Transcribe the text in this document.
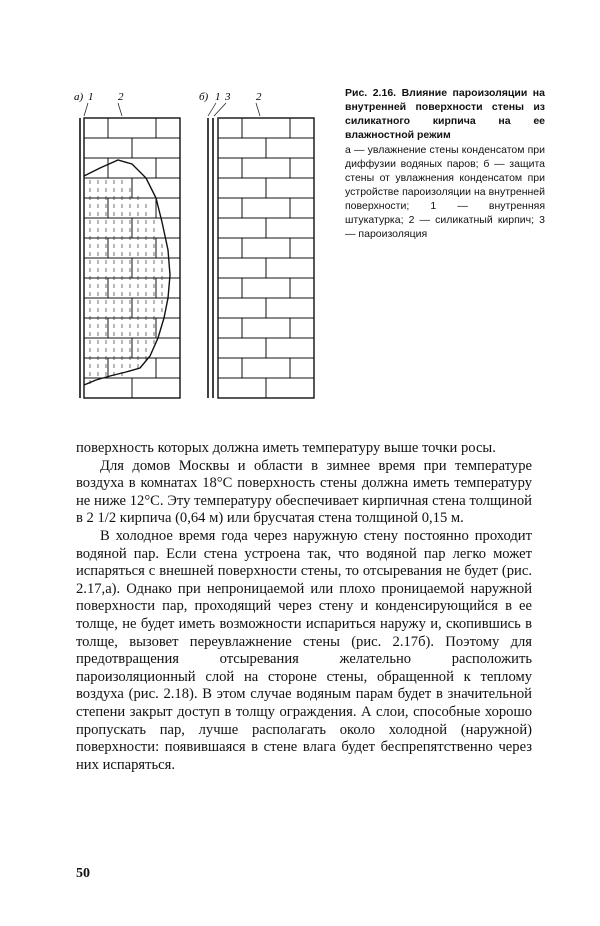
а) 1 2	б) 1 3 2	Рис. 2.16. Влияние пароизоляции на внутренней поверхности стены из силикатного кирпича на ее влажностной режим
а — увлажнение стены конденсатом при диффузии водяных паров; б — защита стены от увлажнения конденсатом при устройстве пароизоляции на внутренней поверхности; 1 — внутренняя штукатурка; 2 — силикатный кирпич; 3 — пароизоляция

поверхность которых должна иметь температуру выше точки росы.

Для домов Москвы и области в зимнее время при температуре воздуха в комнатах 18°С поверхность стены должна иметь температуру не ниже 12°С. Эту температуру обеспечивает кирпичная стена толщиной в 2 1/2 кирпича (0,64 м) или брусчатая стена толщиной 0,15 м.

В холодное время года через наружную стену постоянно проходит водяной пар. Если стена устроена так, что водяной пар легко может испаряться с внешней поверхности стены, то отсыревания не будет (рис. 2.17,а). Однако при непроницаемой или плохо проницаемой наружной поверхности пар, проходящий через стену и конденсирующийся в ее толще, не будет иметь возможности испариться наружу и, скопившись в толще, вызовет переувлажнение стены (рис. 2.17б). Поэтому для предотвращения отсыревания желательно расположить пароизоляционный слой на стороне стены, обращенной к теплому воздуха (рис. 2.18). В этом случае водяным парам будет в значительной степени закрыт доступ в толщу ограждения. А слои, способные хорошо пропускать пар, лучше располагать около холодной (наружной) поверхности: появившаяся в стене влага будет беспрепятственно через них испаряться.

50
